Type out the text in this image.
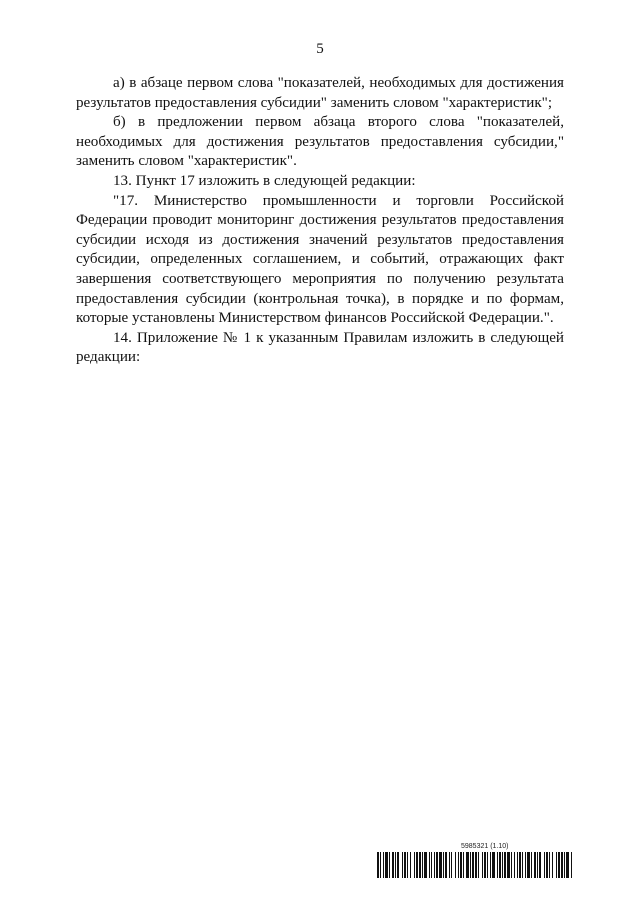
5

а) в абзаце первом слова "показателей, необходимых для достижения результатов предоставления субсидии" заменить словом "характеристик";

б) в предложении первом абзаца второго слова "показателей, необходимых для достижения результатов предоставления субсидии," заменить словом "характеристик".

13. Пункт 17 изложить в следующей редакции:

"17. Министерство промышленности и торговли Российской Федерации проводит мониторинг достижения результатов предоставления субсидии исходя из достижения значений результатов предоставления субсидии, определенных соглашением, и событий, отражающих факт завершения соответствующего мероприятия по получению результата предоставления субсидии (контрольная точка), в порядке и по формам, которые установлены Министерством финансов Российской Федерации.".

14. Приложение № 1 к указанным Правилам изложить в следующей редакции:

5985321 (1.10)
